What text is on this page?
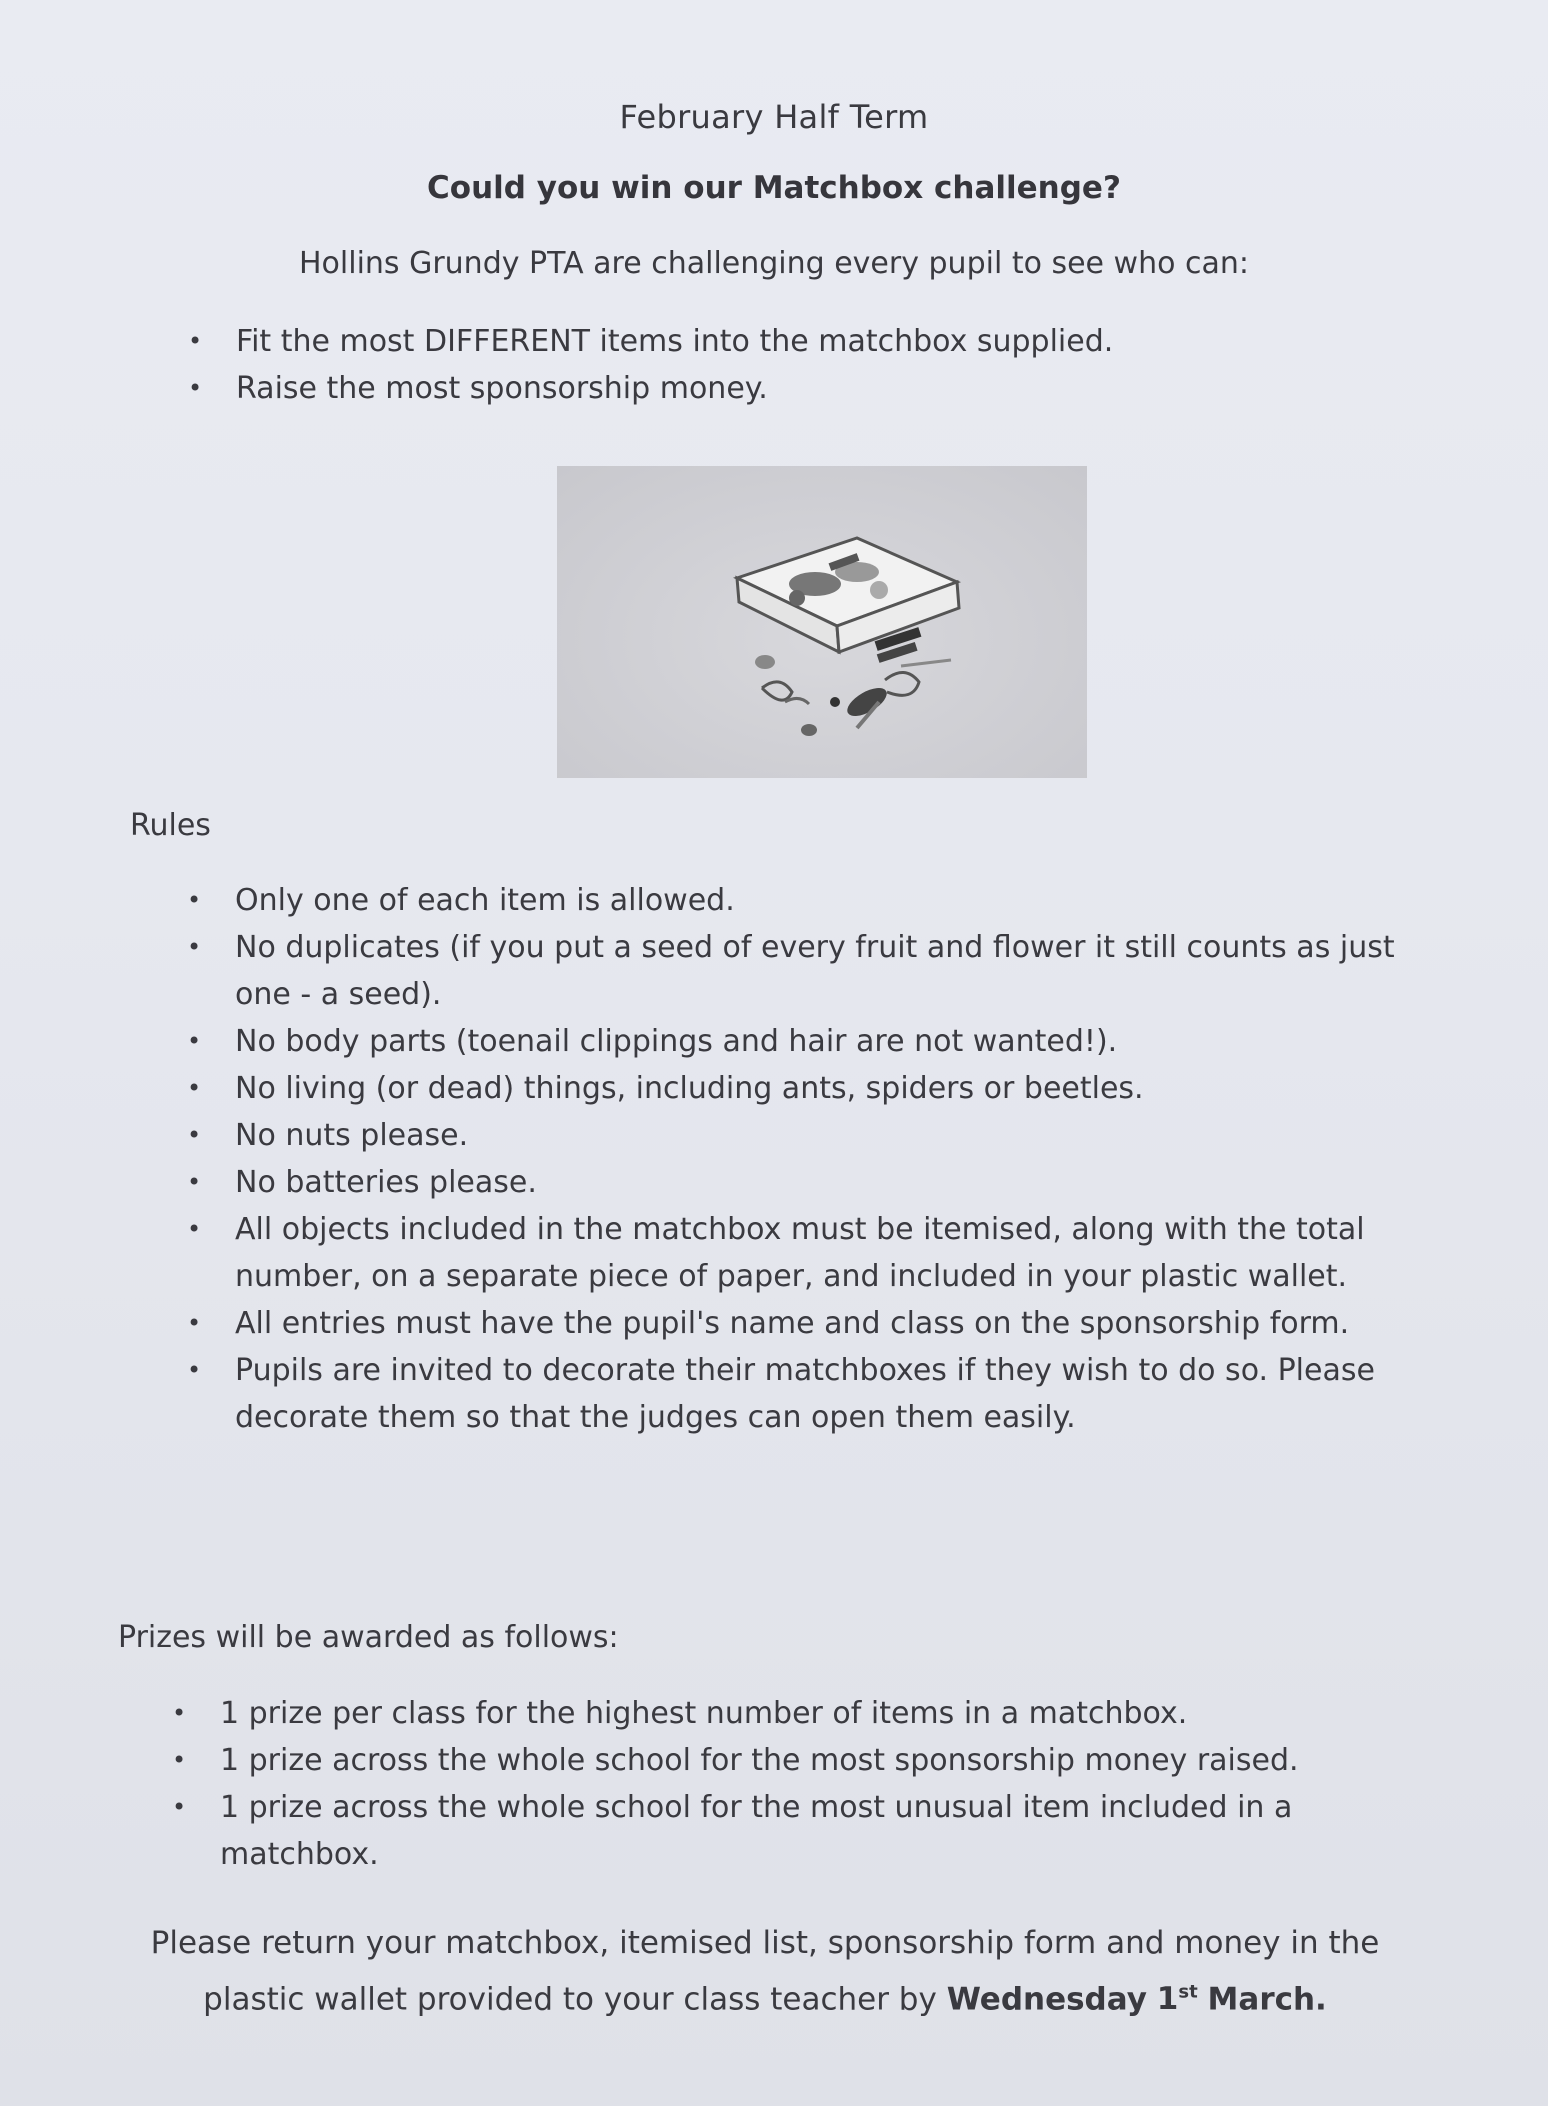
February Half Term
Could you win our Matchbox challenge?
Hollins Grundy PTA are challenging every pupil to see who can:
• Fit the most DIFFERENT items into the matchbox supplied.
• Raise the most sponsorship money.
Rules
• Only one of each item is allowed.
• No duplicates (if you put a seed of every fruit and flower it still counts as just one - a seed).
• No body parts (toenail clippings and hair are not wanted!).
• No living (or dead) things, including ants, spiders or beetles.
• No nuts please.
• No batteries please.
• All objects included in the matchbox must be itemised, along with the total number, on a separate piece of paper, and included in your plastic wallet.
• All entries must have the pupil's name and class on the sponsorship form.
• Pupils are invited to decorate their matchboxes if they wish to do so. Please decorate them so that the judges can open them easily.
Prizes will be awarded as follows:
• 1 prize per class for the highest number of items in a matchbox.
• 1 prize across the whole school for the most sponsorship money raised.
• 1 prize across the whole school for the most unusual item included in a matchbox.
Please return your matchbox, itemised list, sponsorship form and money in the plastic wallet provided to your class teacher by Wednesday 1st March.
